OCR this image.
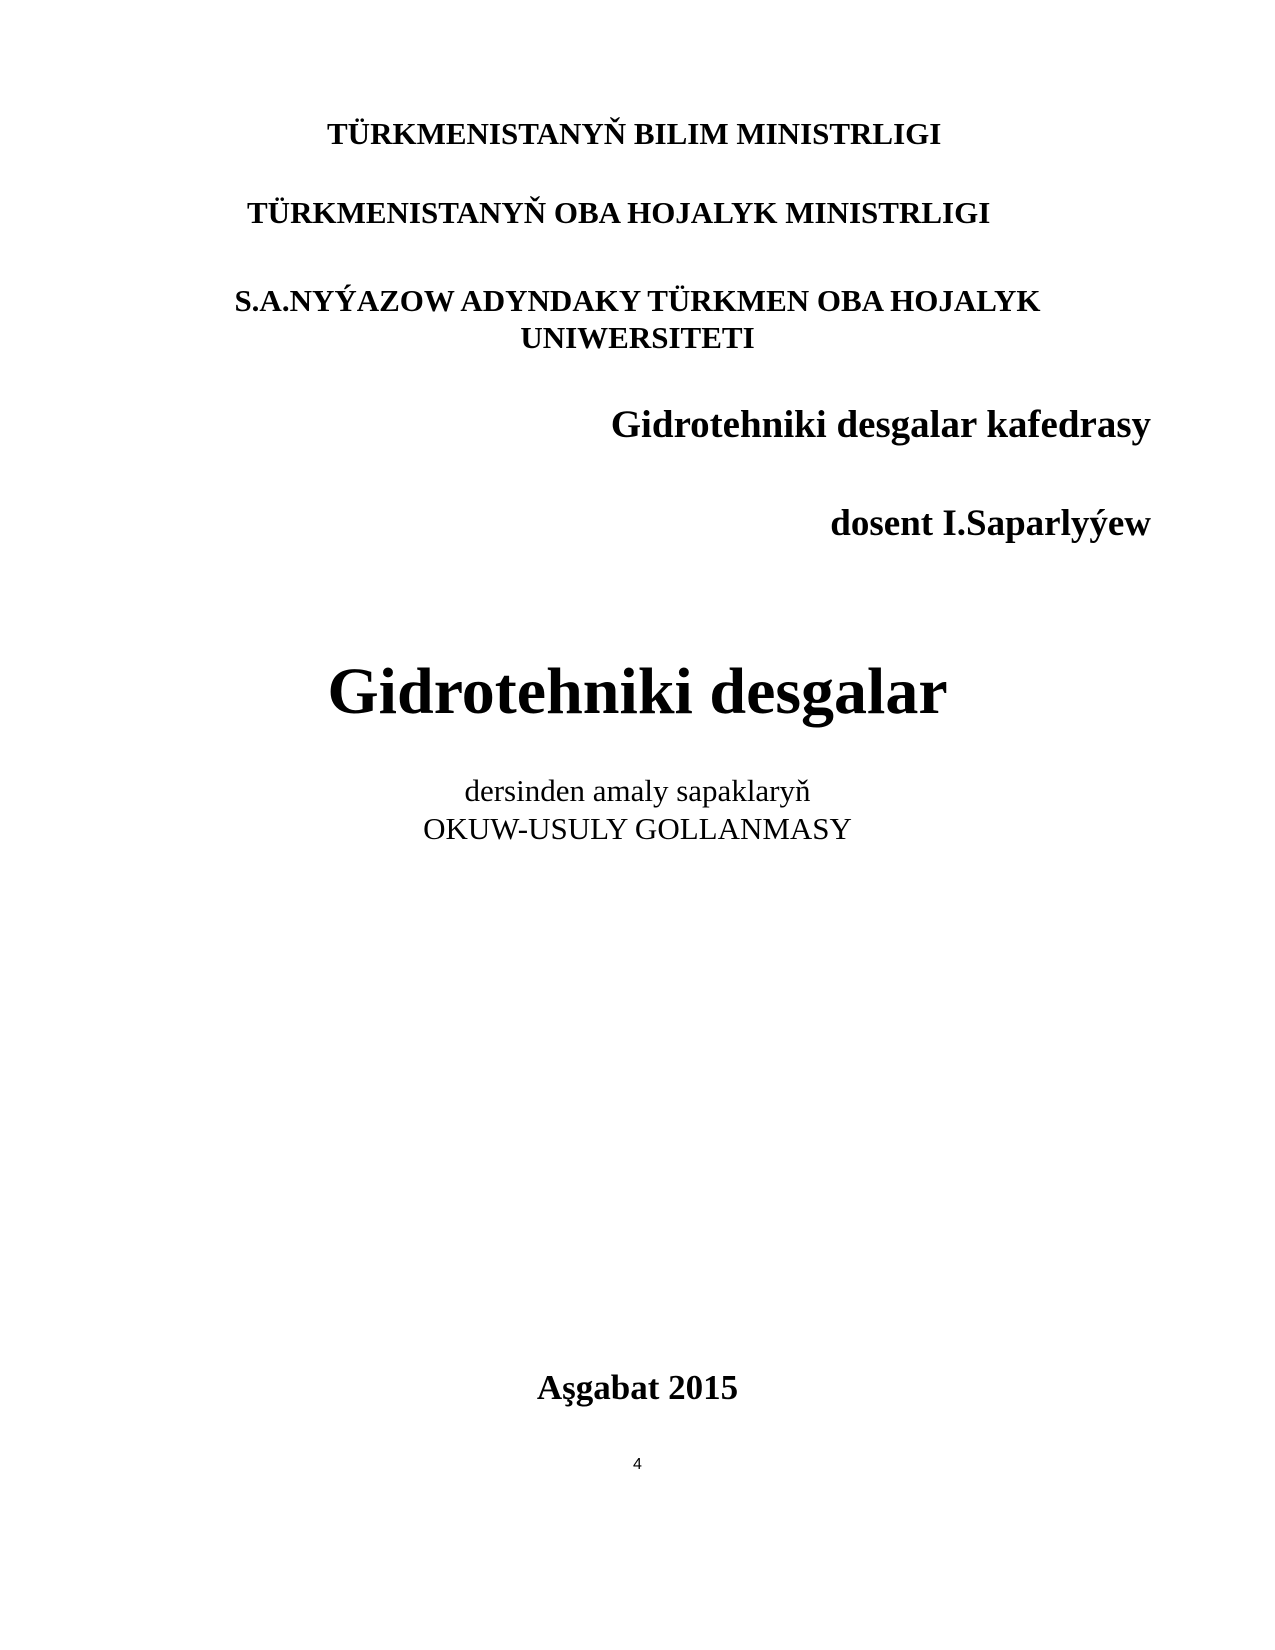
TÜRKMENISTANYŇ BILIM MINISTRLIGI
TÜRKMENISTANYŇ OBA HOJALYK MINISTRLIGI
S.A.NYÝAZOW ADYNDAKY TÜRKMEN OBA HOJALYK
UNIWERSITETI
Gidrotehniki desgalar kafedrasy
dosent I.Saparlyýew
Gidrotehniki desgalar
dersinden amaly sapaklaryň
OKUW-USULY GOLLANMASY
Aşgabat 2015
4
